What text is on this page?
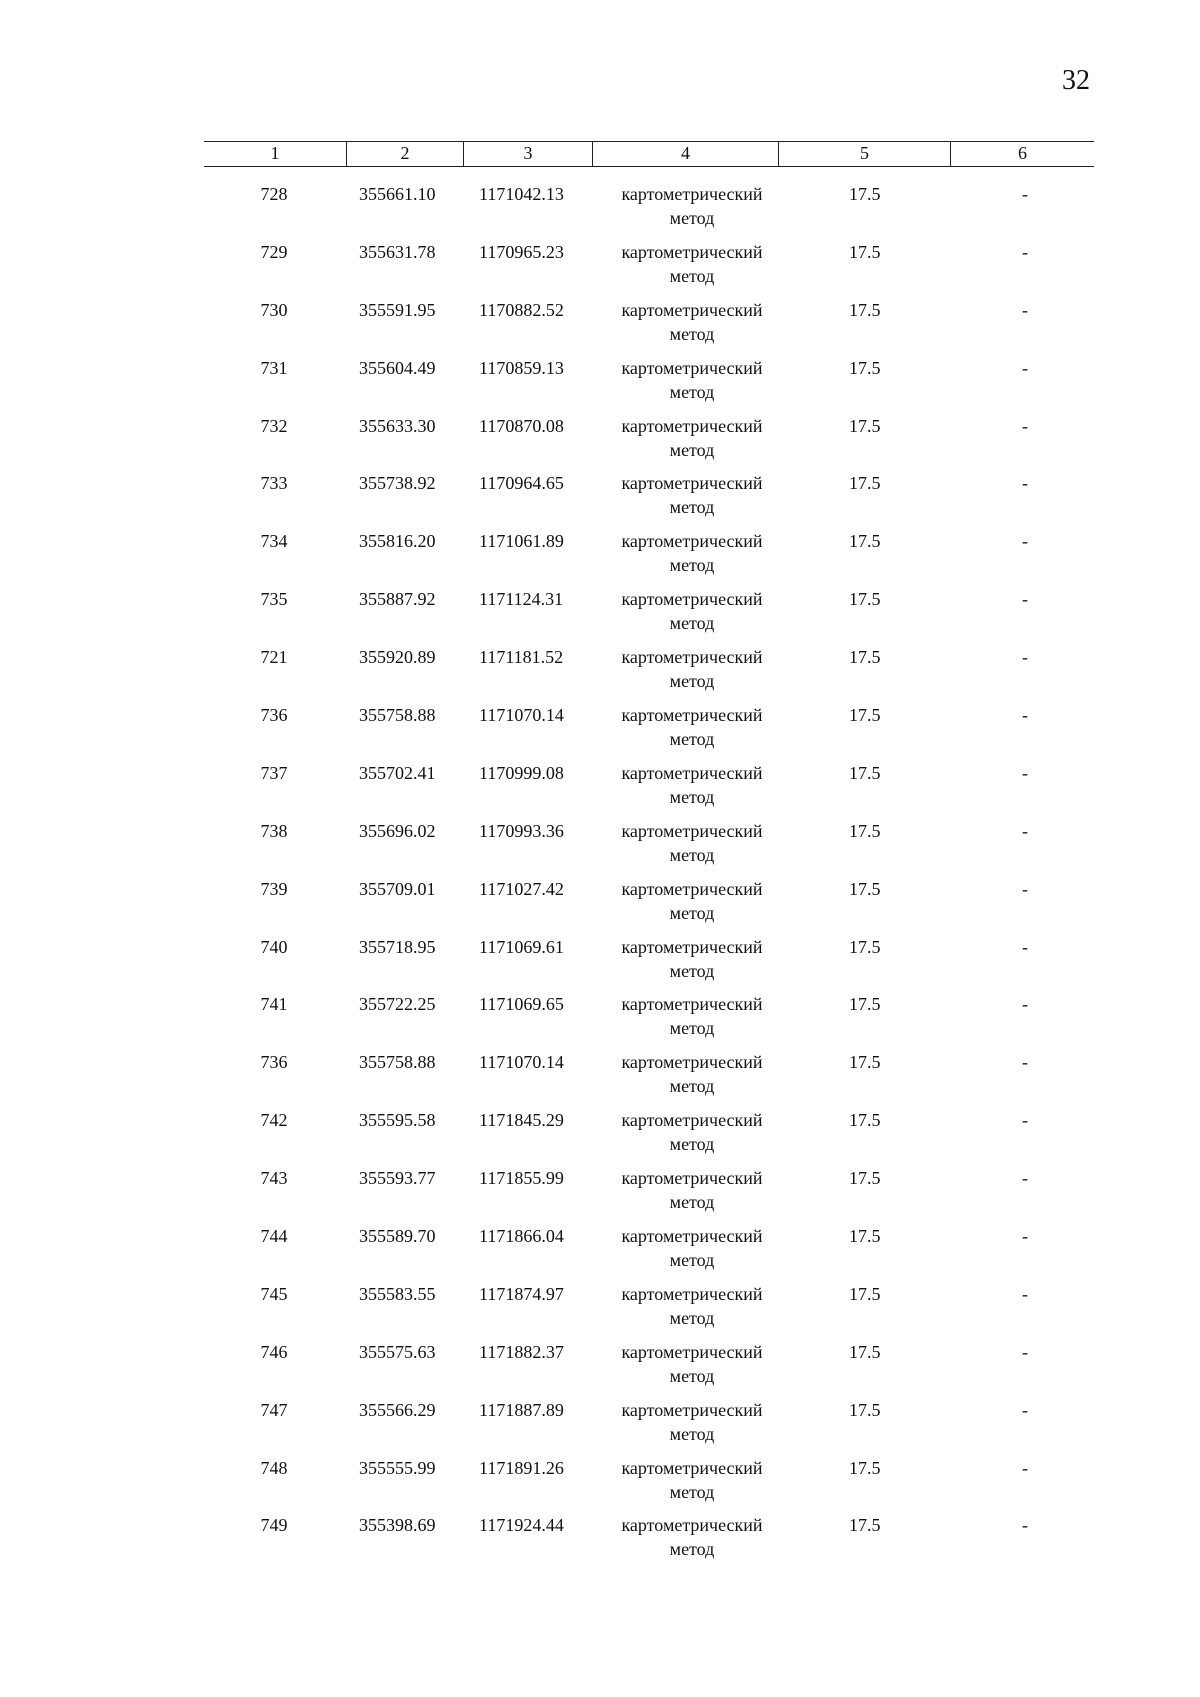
32
1	2	3	4	5	6
728	355661.10 1171042.13	картометрический
метод
17.5	-
729	355631.78 1170965.23	картометрический
метод
17.5	-
730	355591.95 1170882.52	картометрический
метод
17.5	-
731	355604.49 1170859.13	картометрический
метод
17.5	-
732	355633.30 1170870.08	картометрический
метод
17.5	-
733	355738.92 1170964.65	картометрический
метод
17.5	-
734	355816.20 1171061.89	картометрический
метод
17.5	-
735	355887.92 1171124.31	картометрический
метод
17.5	-
721	355920.89 1171181.52	картометрический
метод
17.5	-
736	355758.88 1171070.14	картометрический
метод
17.5	-
737	355702.41 1170999.08	картометрический
метод
17.5	-
738	355696.02 1170993.36	картометрический
метод
17.5	-
739	355709.01 1171027.42	картометрический
метод
17.5	-
740	355718.95 1171069.61	картометрический
метод
17.5	-
741	355722.25 1171069.65	картометрический
метод
17.5	-
736	355758.88 1171070.14	картометрический
метод
17.5	-
742	355595.58 1171845.29	картометрический
метод
17.5	-
743	355593.77 1171855.99	картометрический
метод
17.5	-
744	355589.70 1171866.04	картометрический
метод
17.5	-
745	355583.55 1171874.97	картометрический
метод
17.5	-
746	355575.63 1171882.37	картометрический
метод
17.5	-
747	355566.29 1171887.89	картометрический
метод
17.5	-
748	355555.99 1171891.26	картометрический
метод
17.5	-
749	355398.69 1171924.44	картометрический
метод
17.5	-
